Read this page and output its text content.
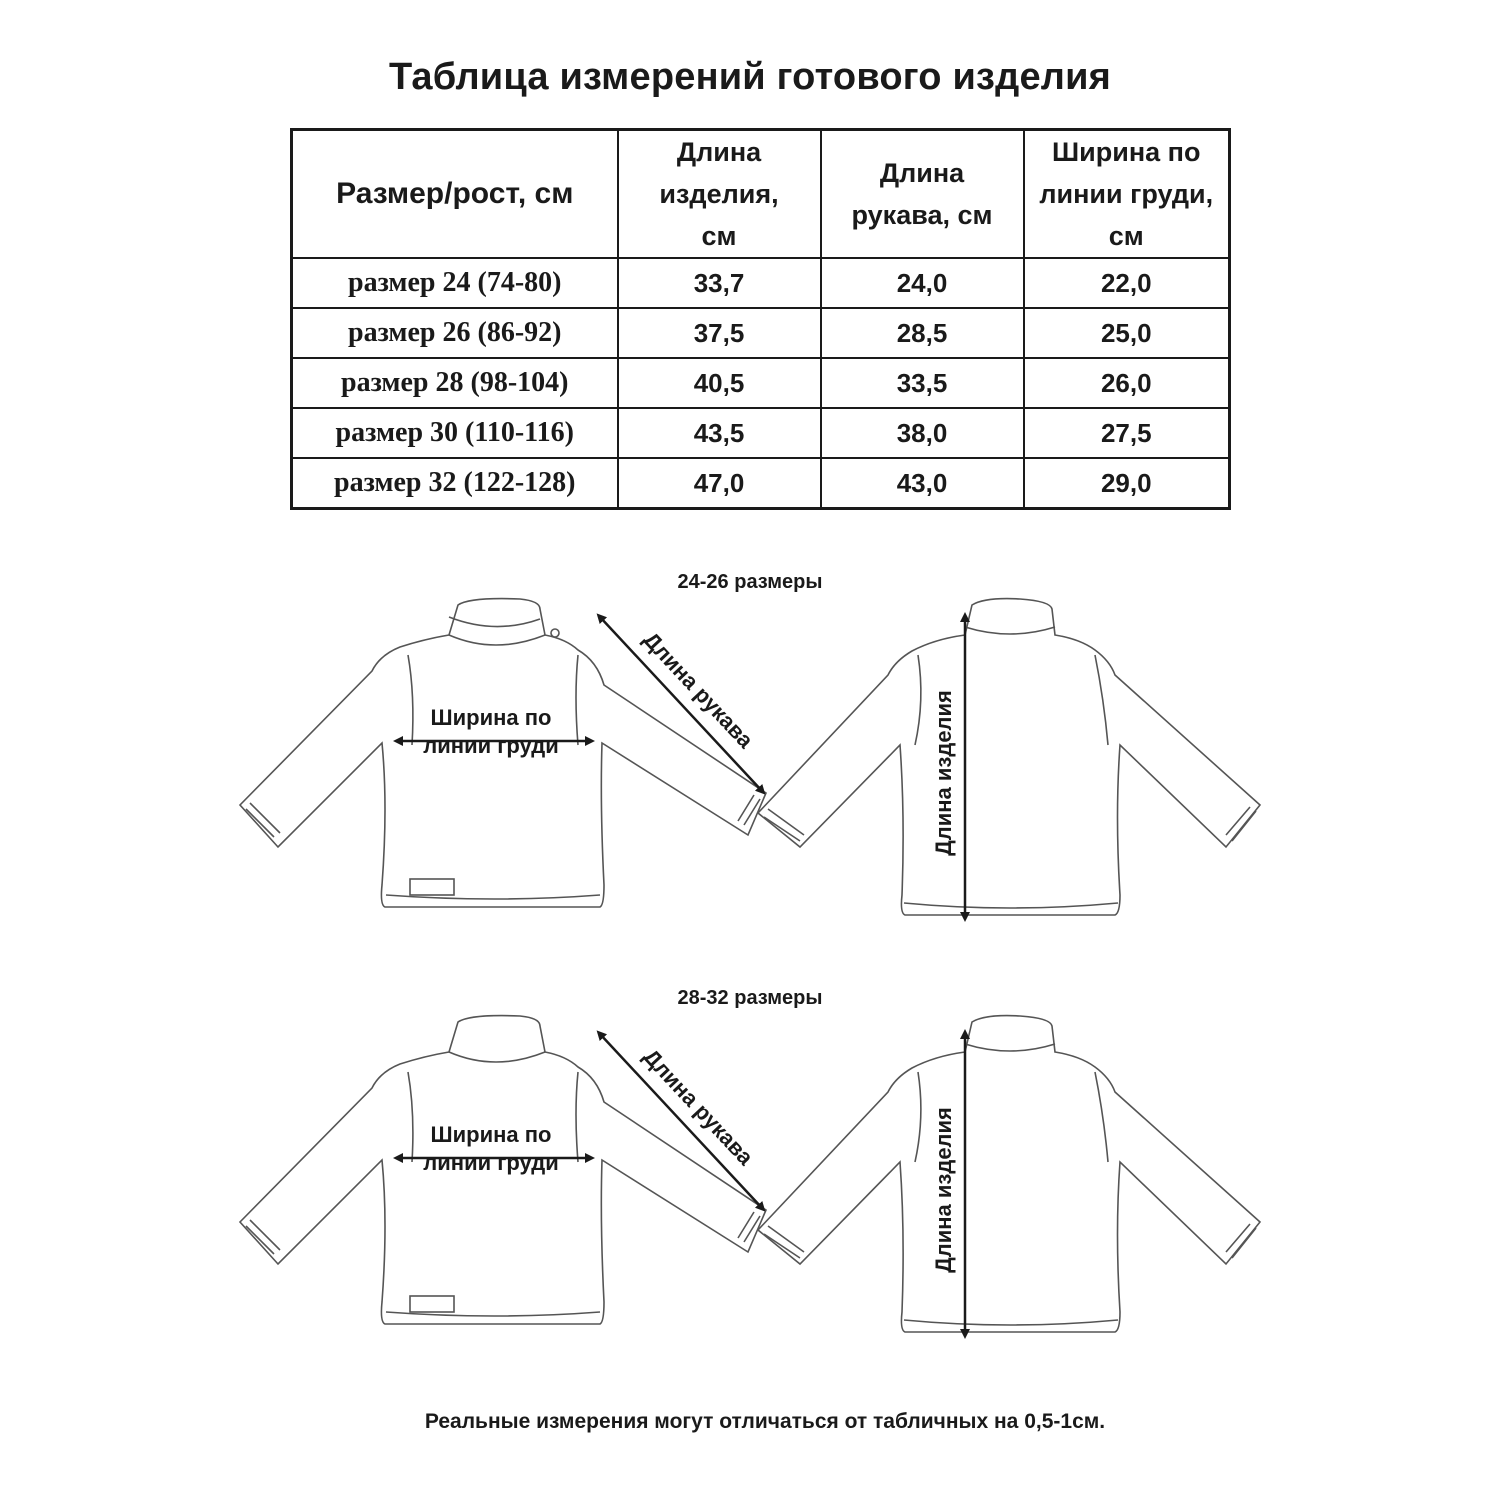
Таблица измерений готового изделия
Размер/рост, см	Длина изделия, см	Длина рукава, см	Ширина по линии груди, см

размер 24 (74-80)	33,7	24,0	22,0
размер 26 (86-92)	37,5	28,5	25,0
размер 28 (98-104)	40,5	33,5	26,0
размер 30 (110-116)	43,5	38,0	27,5
размер 32 (122-128)	47,0	43,0	29,0
24-26 размеры
Ширина по
линии груди	Длина рукава
Длина изделия
28-32 размеры
Ширина по
линии груди	Длина рукава
Длина изделия
Реальные измерения могут отличаться от табличных на 0,5-1см.
